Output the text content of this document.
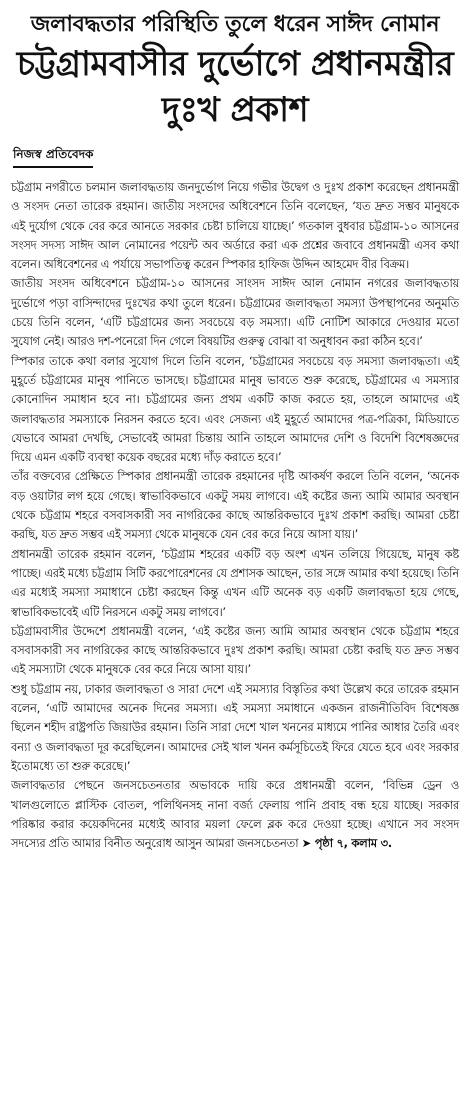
জলাবদ্ধতার পরিস্থিতি তুলে ধরেন সাঈদ নোমান
চট্টগ্রামবাসীর দুর্ভোগে প্রধানমন্ত্রীর দুঃখ প্রকাশ
নিজস্ব প্রতিবেদক

চট্টগ্রাম নগরীতে চলমান জলাবদ্ধতায় জনদুর্ভোগ নিয়ে গভীর উদ্বেগ ও দুঃখ প্রকাশ করেছেন প্রধানমন্ত্রী ও সংসদ নেতা তারেক রহমান। জাতীয় সংসদের অধিবেশনে তিনি বলেছেন, ‘যত দ্রুত সম্ভব মানুষকে এই দুর্যোগ থেকে বের করে আনতে সরকার চেষ্টা চালিয়ে যাচ্ছে।’ গতকাল বুধবার চট্টগ্রাম-১০ আসনের সংসদ সদস্য সাঈদ আল নোমানের পয়েন্ট অব অর্ডারে করা এক প্রশ্নের জবাবে প্রধানমন্ত্রী এসব কথা বলেন। অধিবেশনের এ পর্যায়ে সভাপতিত্ব করেন স্পিকার হাফিজ উদ্দিন আহমেদ বীর বিক্রম।

জাতীয় সংসদ অধিবেশনে চট্টগ্রাম-১০ আসনের সাংসদ সাঈদ আল নোমান নগরের জলাবদ্ধতায় দুর্ভোগে পড়া বাসিন্দাদের দুঃখের কথা তুলে ধরেন। চট্টগ্রামের জলাবদ্ধতা সমস্যা উপস্থাপনের অনুমতি চেয়ে তিনি বলেন, ‘এটি চট্টগ্রামের জন্য সবচেয়ে বড় সমস্যা। এটি নোটিশ আকারে দেওয়ার মতো সুযোগ নেই। আরও দশ-পনেরো দিন গেলে বিষয়টির গুরুত্ব বোঝা বা অনুধাবন করা কঠিন হবে।’

স্পিকার তাকে কথা বলার সুযোগ দিলে তিনি বলেন, ‘চট্টগ্রামের সবচেয়ে বড় সমস্যা জলাবদ্ধতা। এই মুহূর্তে চট্টগ্রামের মানুষ পানিতে ভাসছে। চট্টগ্রামের মানুষ ভাবতে শুরু করেছে, চট্টগ্রামের এ সমস্যার কোনোদিন সমাধান হবে না। চট্টগ্রামের জন্য প্রথম একটি কাজ করতে হয়, তাহলে আমাদের এই জলাবদ্ধতার সমস্যাকে নিরসন করতে হবে। এবং সেজন্য এই মুহূর্তে আমাদের পত্র-পত্রিকা, মিডিয়াতে যেভাবে আমরা দেখছি, সেভাবেই আমরা চিন্তায় আনি তাহলে আমাদের দেশি ও বিদেশি বিশেষজ্ঞদের দিয়ে এমন একটি ব্যবস্থা কয়েক বছরের মধ্যে দাঁড় করাতে হবে।’

তাঁর বক্তব্যের প্রেক্ষিতে স্পিকার প্রধানমন্ত্রী তারেক রহমানের দৃষ্টি আকর্ষণ করলে তিনি বলেন, ‘অনেক বড় ওয়াটার লগ হয়ে গেছে। স্বাভাবিকভাবে একটু সময় লাগবে। এই কষ্টের জন্য আমি আমার অবস্থান থেকে চট্টগ্রাম শহরে বসবাসকারী সব নাগরিকের কাছে আন্তরিকভাবে দুঃখ প্রকাশ করছি। আমরা চেষ্টা করছি, যত দ্রুত সম্ভব এই সমস্যা থেকে মানুষকে যেন বের করে নিয়ে আসা যায়।’

প্রধানমন্ত্রী তারেক রহমান বলেন, ‘চট্টগ্রাম শহরের একটি বড় অংশ এখন তলিয়ে গিয়েছে, মানুষ কষ্ট পাচ্ছে। এরই মধ্যে চট্টগ্রাম সিটি করপোরেশনের যে প্রশাসক আছেন, তার সঙ্গে আমার কথা হয়েছে। তিনি এর মধ্যেই সমস্যা সমাধানে চেষ্টা করছেন কিন্তু এখন এটি অনেক বড় একটি জলাবদ্ধতা হয়ে গেছে, স্বাভাবিকভাবেই এটি নিরসনে একটু সময় লাগবে।’

চট্টগ্রামবাসীর উদ্দেশে প্রধানমন্ত্রী বলেন, ‘এই কষ্টের জন্য আমি আমার অবস্থান থেকে চট্টগ্রাম শহরে বসবাসকারী সব নাগরিকের কাছে আন্তরিকভাবে দুঃখ প্রকাশ করছি। আমরা চেষ্টা করছি যত দ্রুত সম্ভব এই সমস্যাটা থেকে মানুষকে বের করে নিয়ে আসা যায়।’

শুধু চট্টগ্রাম নয়, ঢাকার জলাবদ্ধতা ও সারা দেশে এই সমস্যার বিস্তৃতির কথা উল্লেখ করে তারেক রহমান বলেন, ‘এটি আমাদের অনেক দিনের সমস্যা। এই সমস্যা সমাধানে একজন রাজনীতিবিদ বিশেষজ্ঞ ছিলেন শহীদ রাষ্ট্রপতি জিয়াউর রহমান। তিনি সারা দেশে খাল খননের মাধ্যমে পানির আধার তৈরি এবং বন্যা ও জলাবদ্ধতা দূর করেছিলেন। আমাদের সেই খাল খনন কর্মসূচিতেই ফিরে যেতে হবে এবং সরকার ইতোমধ্যে তা শুরু করেছে।’

জলাবদ্ধতার পেছনে জনসচেতনতার অভাবকে দায়ি করে প্রধানমন্ত্রী বলেন, ‘বিভিন্ন ড্রেন ও খালগুলোতে প্লাস্টিক বোতল, পলিথিনসহ নানা বর্জ্য ফেলায় পানি প্রবাহ বন্ধ হয়ে যাচ্ছে। সরকার পরিষ্কার করার কয়েকদিনের মধ্যেই আবার ময়লা ফেলে ব্লক করে দেওয়া হচ্ছে। এখানে সব সংসদ সদস্যের প্রতি আমার বিনীত অনুরোধ আসুন আমরা জনসচেতনতা ➤ পৃষ্ঠা ৭, কলাম ৩.
